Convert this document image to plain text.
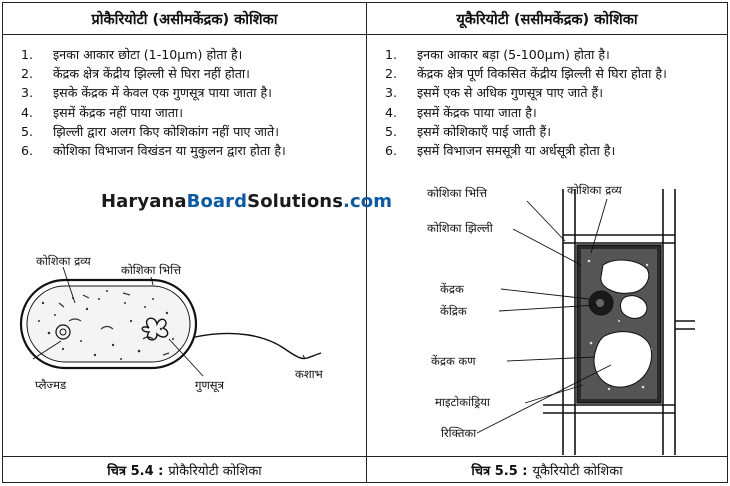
प्रोकैरियोटी (असीमकेंद्रक) कोशिका
1.	इनका आकार छोटा (1-10μm) होता है।
2.	केंद्रक क्षेत्र केंद्रीय झिल्ली से घिरा नहीं होता।
3.	इसके केंद्रक में केवल एक गुणसूत्र पाया जाता है।
4.	इसमें केंद्रक नहीं पाया जाता।
5.	झिल्ली द्वारा अलग किए कोशिकांग नहीं पाए जाते।
6.	कोशिका विभाजन विखंडन या मुकुलन द्वारा होता है।
HaryanaBoardSolutions.com
कोशिका द्रव्य
कोशिका भित्ति
प्लैज्मड	गुणसूत्र
कशाभ
चित्र 5.4 : प्रोकैरियोटी कोशिका
यूकैरियोटी (ससीमकेंद्रक) कोशिका
1.	इनका आकार बड़ा (5-100μm) होता है।
2.	केंद्रक क्षेत्र पूर्ण विकसित केंद्रीय झिल्ली से घिरा होता है।
3.	इसमें एक से अधिक गुणसूत्र पाए जाते हैं।
4.	इसमें केंद्रक पाया जाता है।
5.	इसमें कोशिकाएँ पाई जाती हैं।
6.	इसमें विभाजन समसूत्री या अर्धसूत्री होता है।
कोशिका भित्ति	कोशिका द्रव्य
कोशिका झिल्ली
केंद्रक
केंद्रिक
केंद्रक कण
माइटोकांड्रिया
रिक्तिका
चित्र 5.5 : यूकैरियोटी कोशिका
